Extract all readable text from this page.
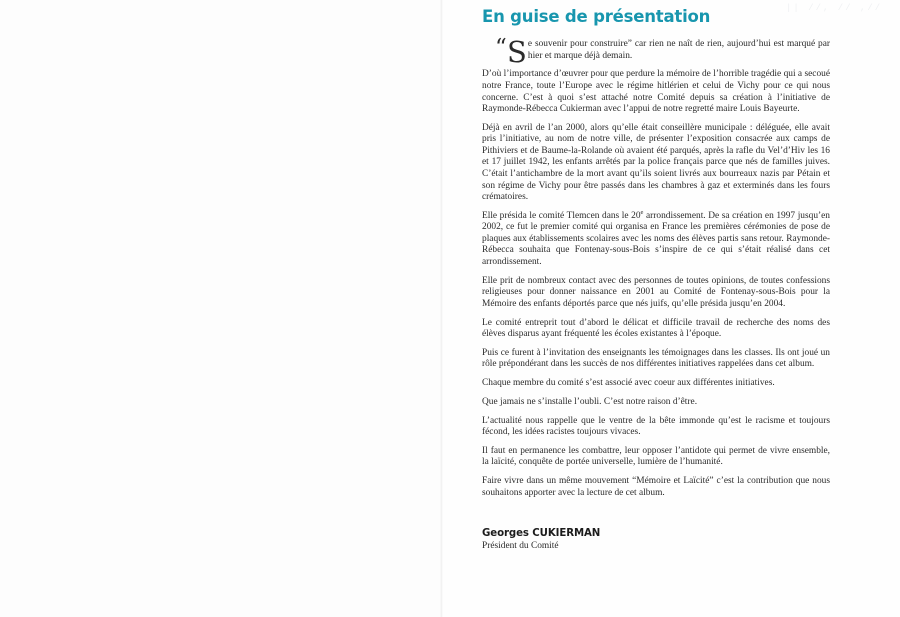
|| //, // ,//
En guise de présentation

“ S e souvenir pour construire” car rien ne naît de rien, aujourd’hui est marqué par hier et marque déjà demain.

D’où l’importance d’œuvrer pour que perdure la mémoire de l’horrible tragédie qui a secoué notre France, toute l’Europe avec le régime hitlérien et celui de Vichy pour ce qui nous concerne. C’est à quoi s’est attaché notre Comité depuis sa création à l’initiative de Raymonde-Rébecca Cukierman avec l’appui de notre regretté maire Louis Bayeurte.

Déjà en avril de l’an 2000, alors qu’elle était conseillère municipale : déléguée, elle avait pris l’initiative, au nom de notre ville, de présenter l’exposition consacrée aux camps de Pithiviers et de Baume-la-Rolande où avaient été parqués, après la rafle du Vel’d’Hiv les 16 et 17 juillet 1942, les enfants arrêtés par la police français parce que nés de familles juives. C’était l’antichambre de la mort avant qu’ils soient livrés aux bourreaux nazis par Pétain et son régime de Vichy pour être passés dans les chambres à gaz et exterminés dans les fours crématoires.

Elle présida le comité Tlemcen dans le 20e arrondissement. De sa création en 1997 jusqu’en 2002, ce fut le premier comité qui organisa en France les premières cérémonies de pose de plaques aux établissements scolaires avec les noms des élèves partis sans retour. Raymonde-Rébecca souhaita que Fontenay-sous-Bois s’inspire de ce qui s’était réalisé dans cet arrondissement.

Elle prit de nombreux contact avec des personnes de toutes opinions, de toutes confessions religieuses pour donner naissance en 2001 au Comité de Fontenay-sous-Bois pour la Mémoire des enfants déportés parce que nés juifs, qu’elle présida jusqu’en 2004.

Le comité entreprit tout d’abord le délicat et difficile travail de recherche des noms des élèves disparus ayant fréquenté les écoles existantes à l’époque.

Puis ce furent à l’invitation des enseignants les témoignages dans les classes. Ils ont joué un rôle prépondérant dans les succès de nos différentes initiatives rappelées dans cet album.

Chaque membre du comité s’est associé avec coeur aux différentes initiatives.

Que jamais ne s’installe l’oubli. C’est notre raison d’être.

L’actualité nous rappelle que le ventre de la bête immonde qu’est le racisme et toujours fécond, les idées racistes toujours vivaces.

Il faut en permanence les combattre, leur opposer l’antidote qui permet de vivre ensemble, la laïcité, conquête de portée universelle, lumière de l’humanité.

Faire vivre dans un même mouvement “Mémoire et Laïcité” c’est la contribution que nous souhaitons apporter avec la lecture de cet album.

Georges CUKIERMAN

Président du Comité
